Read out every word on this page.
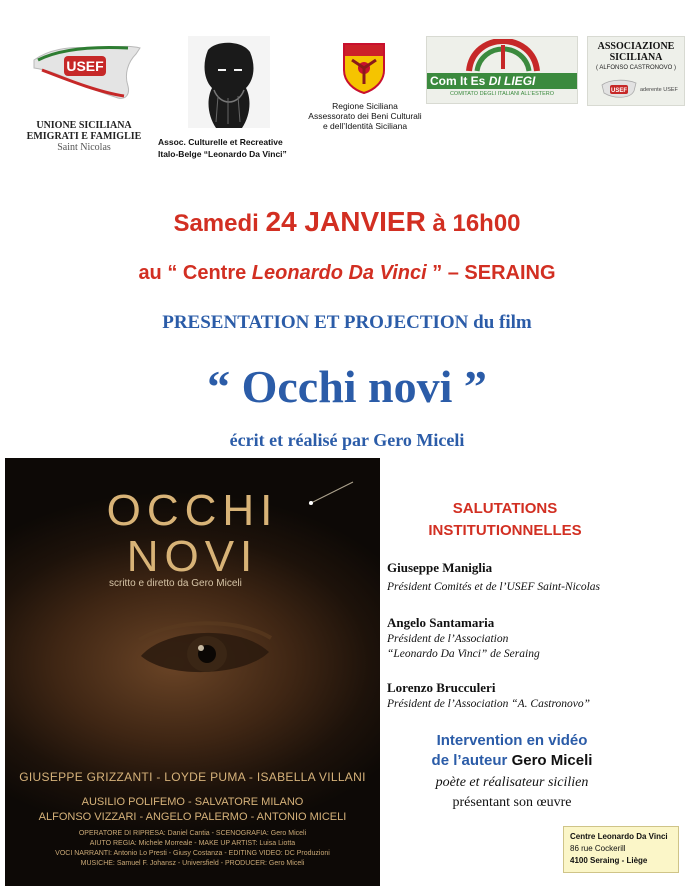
USEF
UNIONE SICILIANA
EMIGRATI E FAMIGLIE
Saint Nicolas	Assoc. Culturelle et Recreative
Italo-Belge “Leonardo Da Vinci”
Regione Siciliana
Assessorato dei Beni Culturali
e dell’Identità Siciliana
Com It Es DI LIEGI
COMITATO DEGLI ITALIANI ALL’ESTERO
ASSOCIAZIONE
SICILIANA
( ALFONSO CASTRONOVO )
USEF aderente USEF
Samedi 24 JANVIER à 16h00
au “ Centre Leonardo Da Vinci ” – SERAING
PRESENTATION ET PROJECTION du film
“ Occhi novi ”
écrit et réalisé par Gero Miceli
OCCHI
NOVI
scritto e diretto da Gero Miceli
GIUSEPPE GRIZZANTI - LOYDE PUMA - ISABELLA VILLANI
AUSILIO POLIFEMO - SALVATORE MILANO
ALFONSO VIZZARI - ANGELO PALERMO - ANTONIO MICELI
OPERATORE DI RIPRESA: Daniel Cantia - SCENOGRAFIA: Gero Miceli
AIUTO REGIA: Michele Morreale - MAKE UP ARTIST: Luisa Liotta
VOCI NARRANTI: Antonio Lo Presti - Giusy Costanza - EDITING VIDEO: DC Produzioni
MUSICHE: Samuel F. Johansz - Universfield - PRODUCER: Gero Miceli
SALUTATIONS
INSTITUTIONNELLES
Giuseppe Maniglia
Président Comités et de l’USEF Saint-Nicolas
Angelo Santamaria
Président de l’Association
“Leonardo Da Vinci” de Seraing
Lorenzo Brucculeri
Président de l’Association “A. Castronovo”
Intervention en vidéo
de l’auteur Gero Miceli
poète et réalisateur sicilien
présentant son œuvre
Centre Leonardo Da Vinci
86 rue Cockerill
4100 Seraing - Liège
